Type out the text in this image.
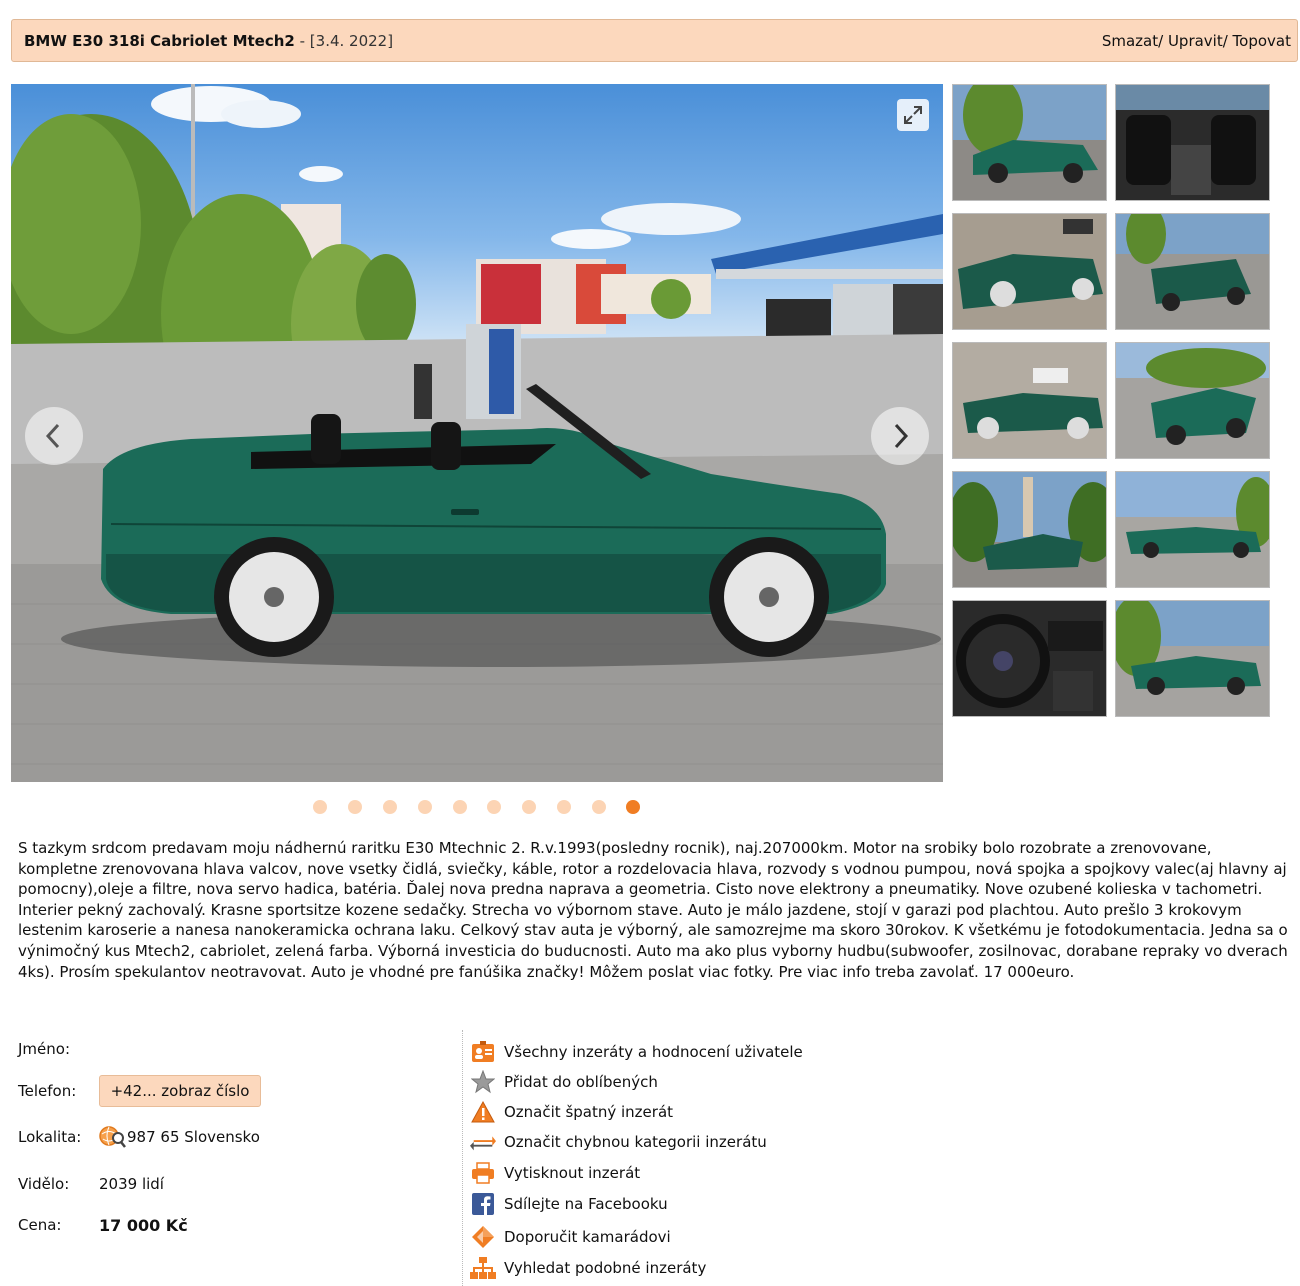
BMW E30 318i Cabriolet Mtech2 - [3.4. 2022]	Smazat/ Upravit/ Topovat
S tazkym srdcom predavam moju nádhernú raritku E30 Mtechnic 2. R.v.1993(posledny rocnik), naj.207000km. Motor na srobiky bolo rozobrate a zrenovovane, kompletne zrenovovana hlava valcov, nove vsetky čidlá, sviečky, káble, rotor a rozdelovacia hlava, rozvody s vodnou pumpou, nová spojka a spojkovy valec(aj hlavny aj pomocny),oleje a filtre, nova servo hadica, batéria. Ďalej nova predna naprava a geometria. Cisto nove elektrony a pneumatiky. Nove ozubené kolieska v tachometri. Interier pekný zachovalý. Krasne sportsitze kozene sedačky. Strecha vo výbornom stave. Auto je málo jazdene, stojí v garazi pod plachtou. Auto prešlo 3 krokovym lestenim karoserie a nanesa nanokeramicka ochrana laku. Celkový stav auta je výborný, ale samozrejme ma skoro 30rokov. K všetkému je fotodokumentacia. Jedna sa o výnimočný kus Mtech2, cabriolet, zelená farba. Výborná investicia do buducnosti. Auto ma ako plus vyborny hudbu(subwoofer, zosilnovac, dorabane repraky vo dverach 4ks). Prosím spekulantov neotravovat. Auto je vhodné pre fanúšika značky! Môžem poslat viac fotky. Pre viac info treba zavolať. 17 000euro.
Jméno:
Telefon:	+42... zobraz číslo
Lokalita:	987 65 Slovensko
Vidělo: 2039 lidí
Cena: 17 000 Kč
Všechny inzeráty a hodnocení uživatele
Přidat do oblíbených
Označit špatný inzerát
Označit chybnou kategorii inzerátu
Vytisknout inzerát
Sdílejte na Facebooku
Doporučit kamarádovi
Vyhledat podobné inzeráty
